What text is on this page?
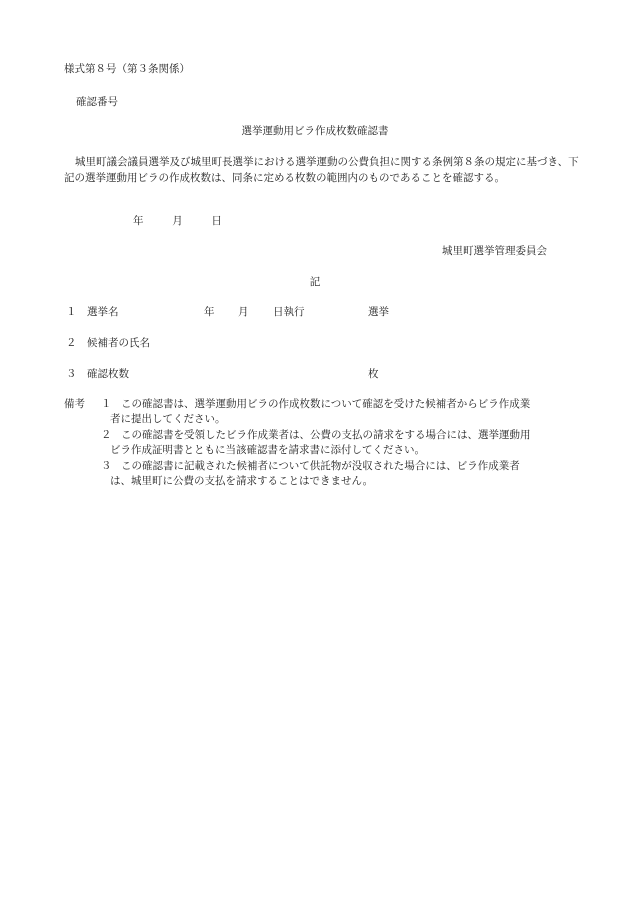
様式第８号（第３条関係）
確認番号
選挙運動用ビラ作成枚数確認書
城里町議会議員選挙及び城里町長選挙における選挙運動の公費負担に関する条例第８条の規定に基づき、下記の選挙運動用ビラの作成枚数は、同条に定める枚数の範囲内のものであることを確認する。
年	月	日
城里町選挙管理委員会
記
１ 選挙名	年 月 日執行	選挙
２ 候補者の氏名
３ 確認枚数	枚
備考 １ この確認書は、選挙運動用ビラの作成枚数について確認を受けた候補者からビラ作成業
者に提出してください。
２ この確認書を受領したビラ作成業者は、公費の支払の請求をする場合には、選挙運動用
ビラ作成証明書とともに当該確認書を請求書に添付してください。
３ この確認書に記載された候補者について供託物が没収された場合には、ビラ作成業者
は、城里町に公費の支払を請求することはできません。
